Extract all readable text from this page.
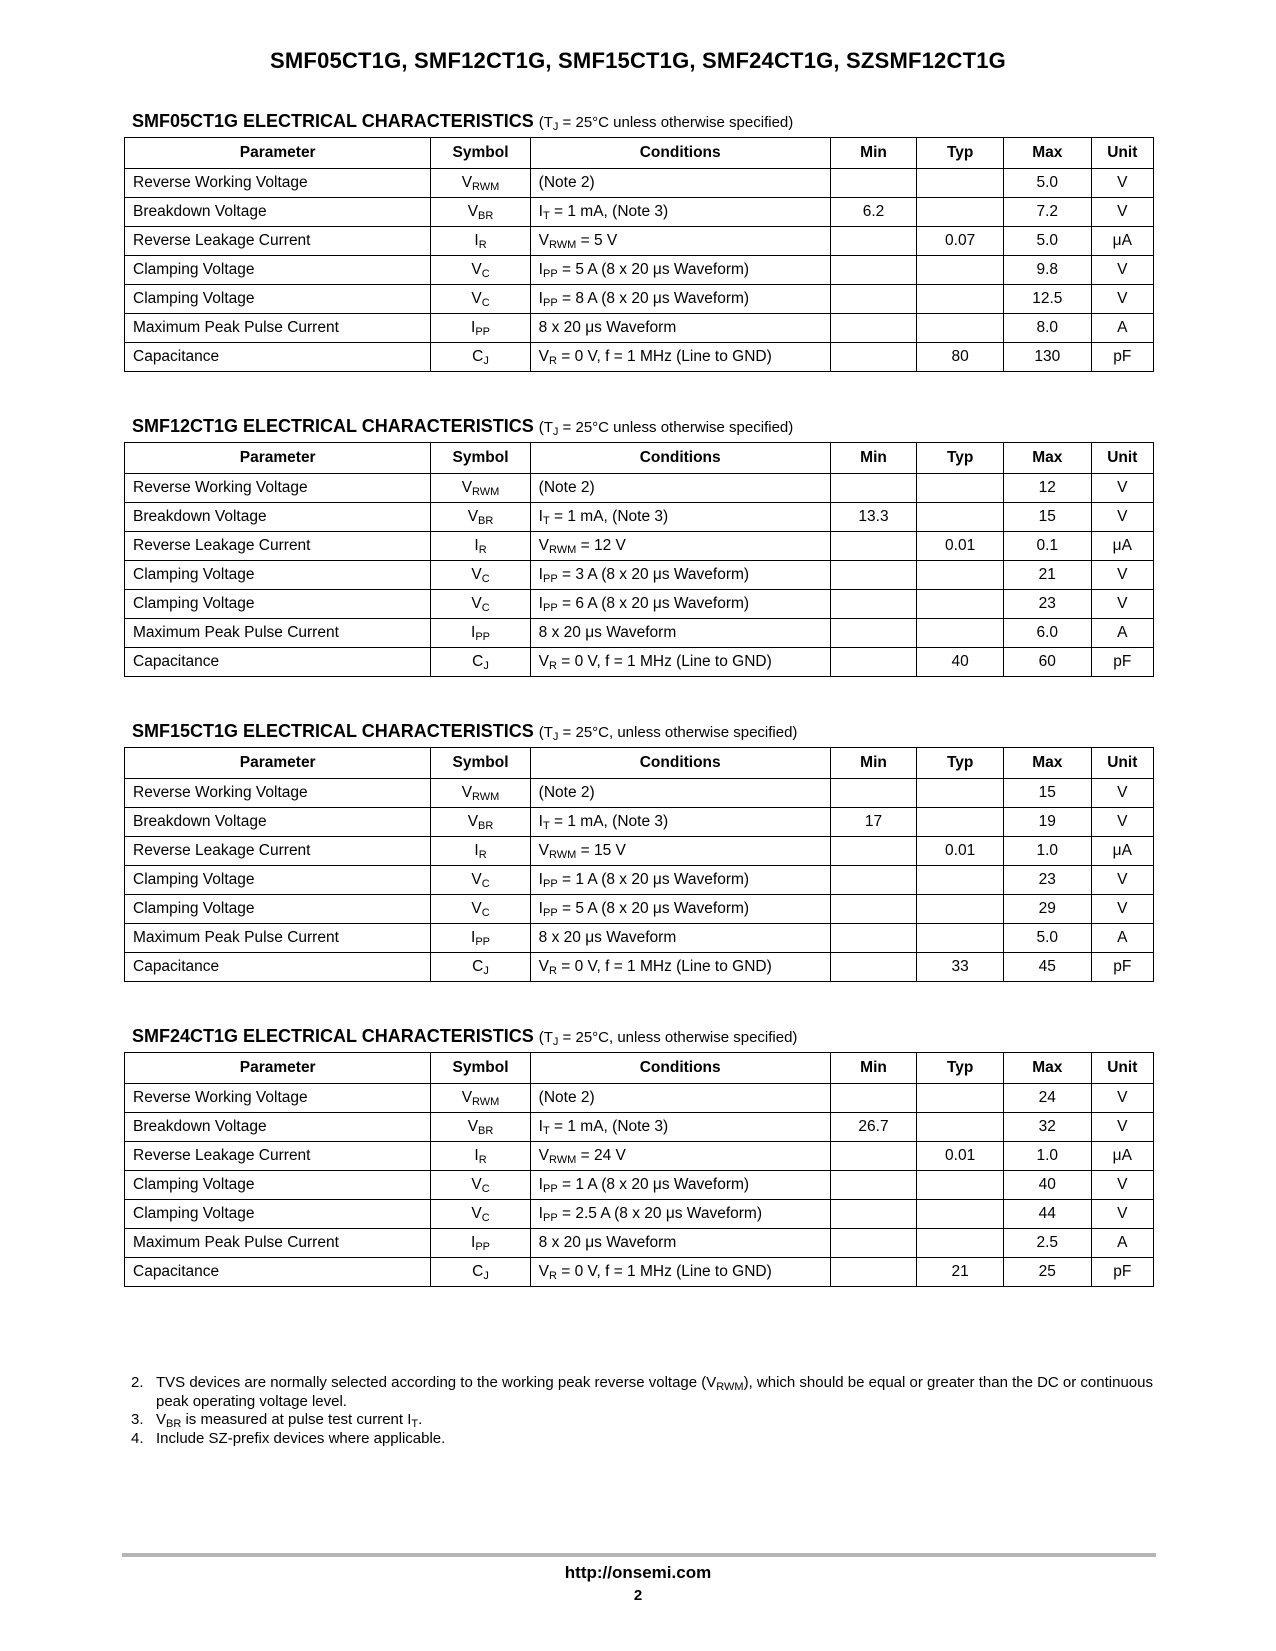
SMF05CT1G, SMF12CT1G, SMF15CT1G, SMF24CT1G, SZSMF12CT1G
SMF05CT1G ELECTRICAL CHARACTERISTICS ($T_J = 25^\circ C$ unless otherwise specified)
Parameter	Symbol	Conditions	Min	Typ	Max	Unit
Reverse Working Voltage	$V_{RWM}$	(Note 2)			5.0	V
Breakdown Voltage	$V_{BR}$	$I_T = 1$ mA, (Note 3)	6.2		7.2	V
Reverse Leakage Current	$I_R$	$V_{RWM} = 5$ V		0.07	5.0	μA
Clamping Voltage	$V_C$	$I_{PP} = 5$ A (8 x 20 μs Waveform)			9.8	V
Clamping Voltage	$V_C$	$I_{PP} = 8$ A (8 x 20 μs Waveform)			12.5	V
Maximum Peak Pulse Current	$I_{PP}$	8 x 20 μs Waveform			8.0	A
Capacitance	$C_J$	$V_R = 0$ V, f = 1 MHz (Line to GND)		80	130	pF
SMF12CT1G ELECTRICAL CHARACTERISTICS ($T_J = 25^\circ C$ unless otherwise specified)
Parameter	Symbol	Conditions	Min	Typ	Max	Unit
Reverse Working Voltage	$V_{RWM}$	(Note 2)			12	V
Breakdown Voltage	$V_{BR}$	$I_T = 1$ mA, (Note 3)	13.3		15	V
Reverse Leakage Current	$I_R$	$V_{RWM} = 12$ V		0.01	0.1	μA
Clamping Voltage	$V_C$	$I_{PP} = 3$ A (8 x 20 μs Waveform)			21	V
Clamping Voltage	$V_C$	$I_{PP} = 6$ A (8 x 20 μs Waveform)			23	V
Maximum Peak Pulse Current	$I_{PP}$	8 x 20 μs Waveform			6.0	A
Capacitance	$C_J$	$V_R = 0$ V, f = 1 MHz (Line to GND)		40	60	pF
SMF15CT1G ELECTRICAL CHARACTERISTICS ($T_J = 25^\circ C$, unless otherwise specified)
Parameter	Symbol	Conditions	Min	Typ	Max	Unit
Reverse Working Voltage	$V_{RWM}$	(Note 2)			15	V
Breakdown Voltage	$V_{BR}$	$I_T = 1$ mA, (Note 3)	17		19	V
Reverse Leakage Current	$I_R$	$V_{RWM} = 15$ V		0.01	1.0	μA
Clamping Voltage	$V_C$	$I_{PP} = 1$ A (8 x 20 μs Waveform)			23	V
Clamping Voltage	$V_C$	$I_{PP} = 5$ A (8 x 20 μs Waveform)			29	V
Maximum Peak Pulse Current	$I_{PP}$	8 x 20 μs Waveform			5.0	A
Capacitance	$C_J$	$V_R = 0$ V, f = 1 MHz (Line to GND)		33	45	pF
SMF24CT1G ELECTRICAL CHARACTERISTICS ($T_J = 25^\circ C$, unless otherwise specified)
Parameter	Symbol	Conditions	Min	Typ	Max	Unit
Reverse Working Voltage	$V_{RWM}$	(Note 2)			24	V
Breakdown Voltage	$V_{BR}$	$I_T = 1$ mA, (Note 3)	26.7		32	V
Reverse Leakage Current	$I_R$	$V_{RWM} = 24$ V		0.01	1.0	μA
Clamping Voltage	$V_C$	$I_{PP} = 1$ A (8 x 20 μs Waveform)			40	V
Clamping Voltage	$V_C$	$I_{PP} = 2.5$ A (8 x 20 μs Waveform)			44	V
Maximum Peak Pulse Current	$I_{PP}$	8 x 20 μs Waveform			2.5	A
Capacitance	$C_J$	$V_R = 0$ V, f = 1 MHz (Line to GND)		21	25	pF
2. TVS devices are normally selected according to the working peak reverse voltage $(V_{RWM})$, which should be equal or greater than the DC or continuous peak operating voltage level.
3. $V_{BR}$ is measured at pulse test current $I_T$.
4. Include SZ-prefix devices where applicable.
http://onsemi.com
2
